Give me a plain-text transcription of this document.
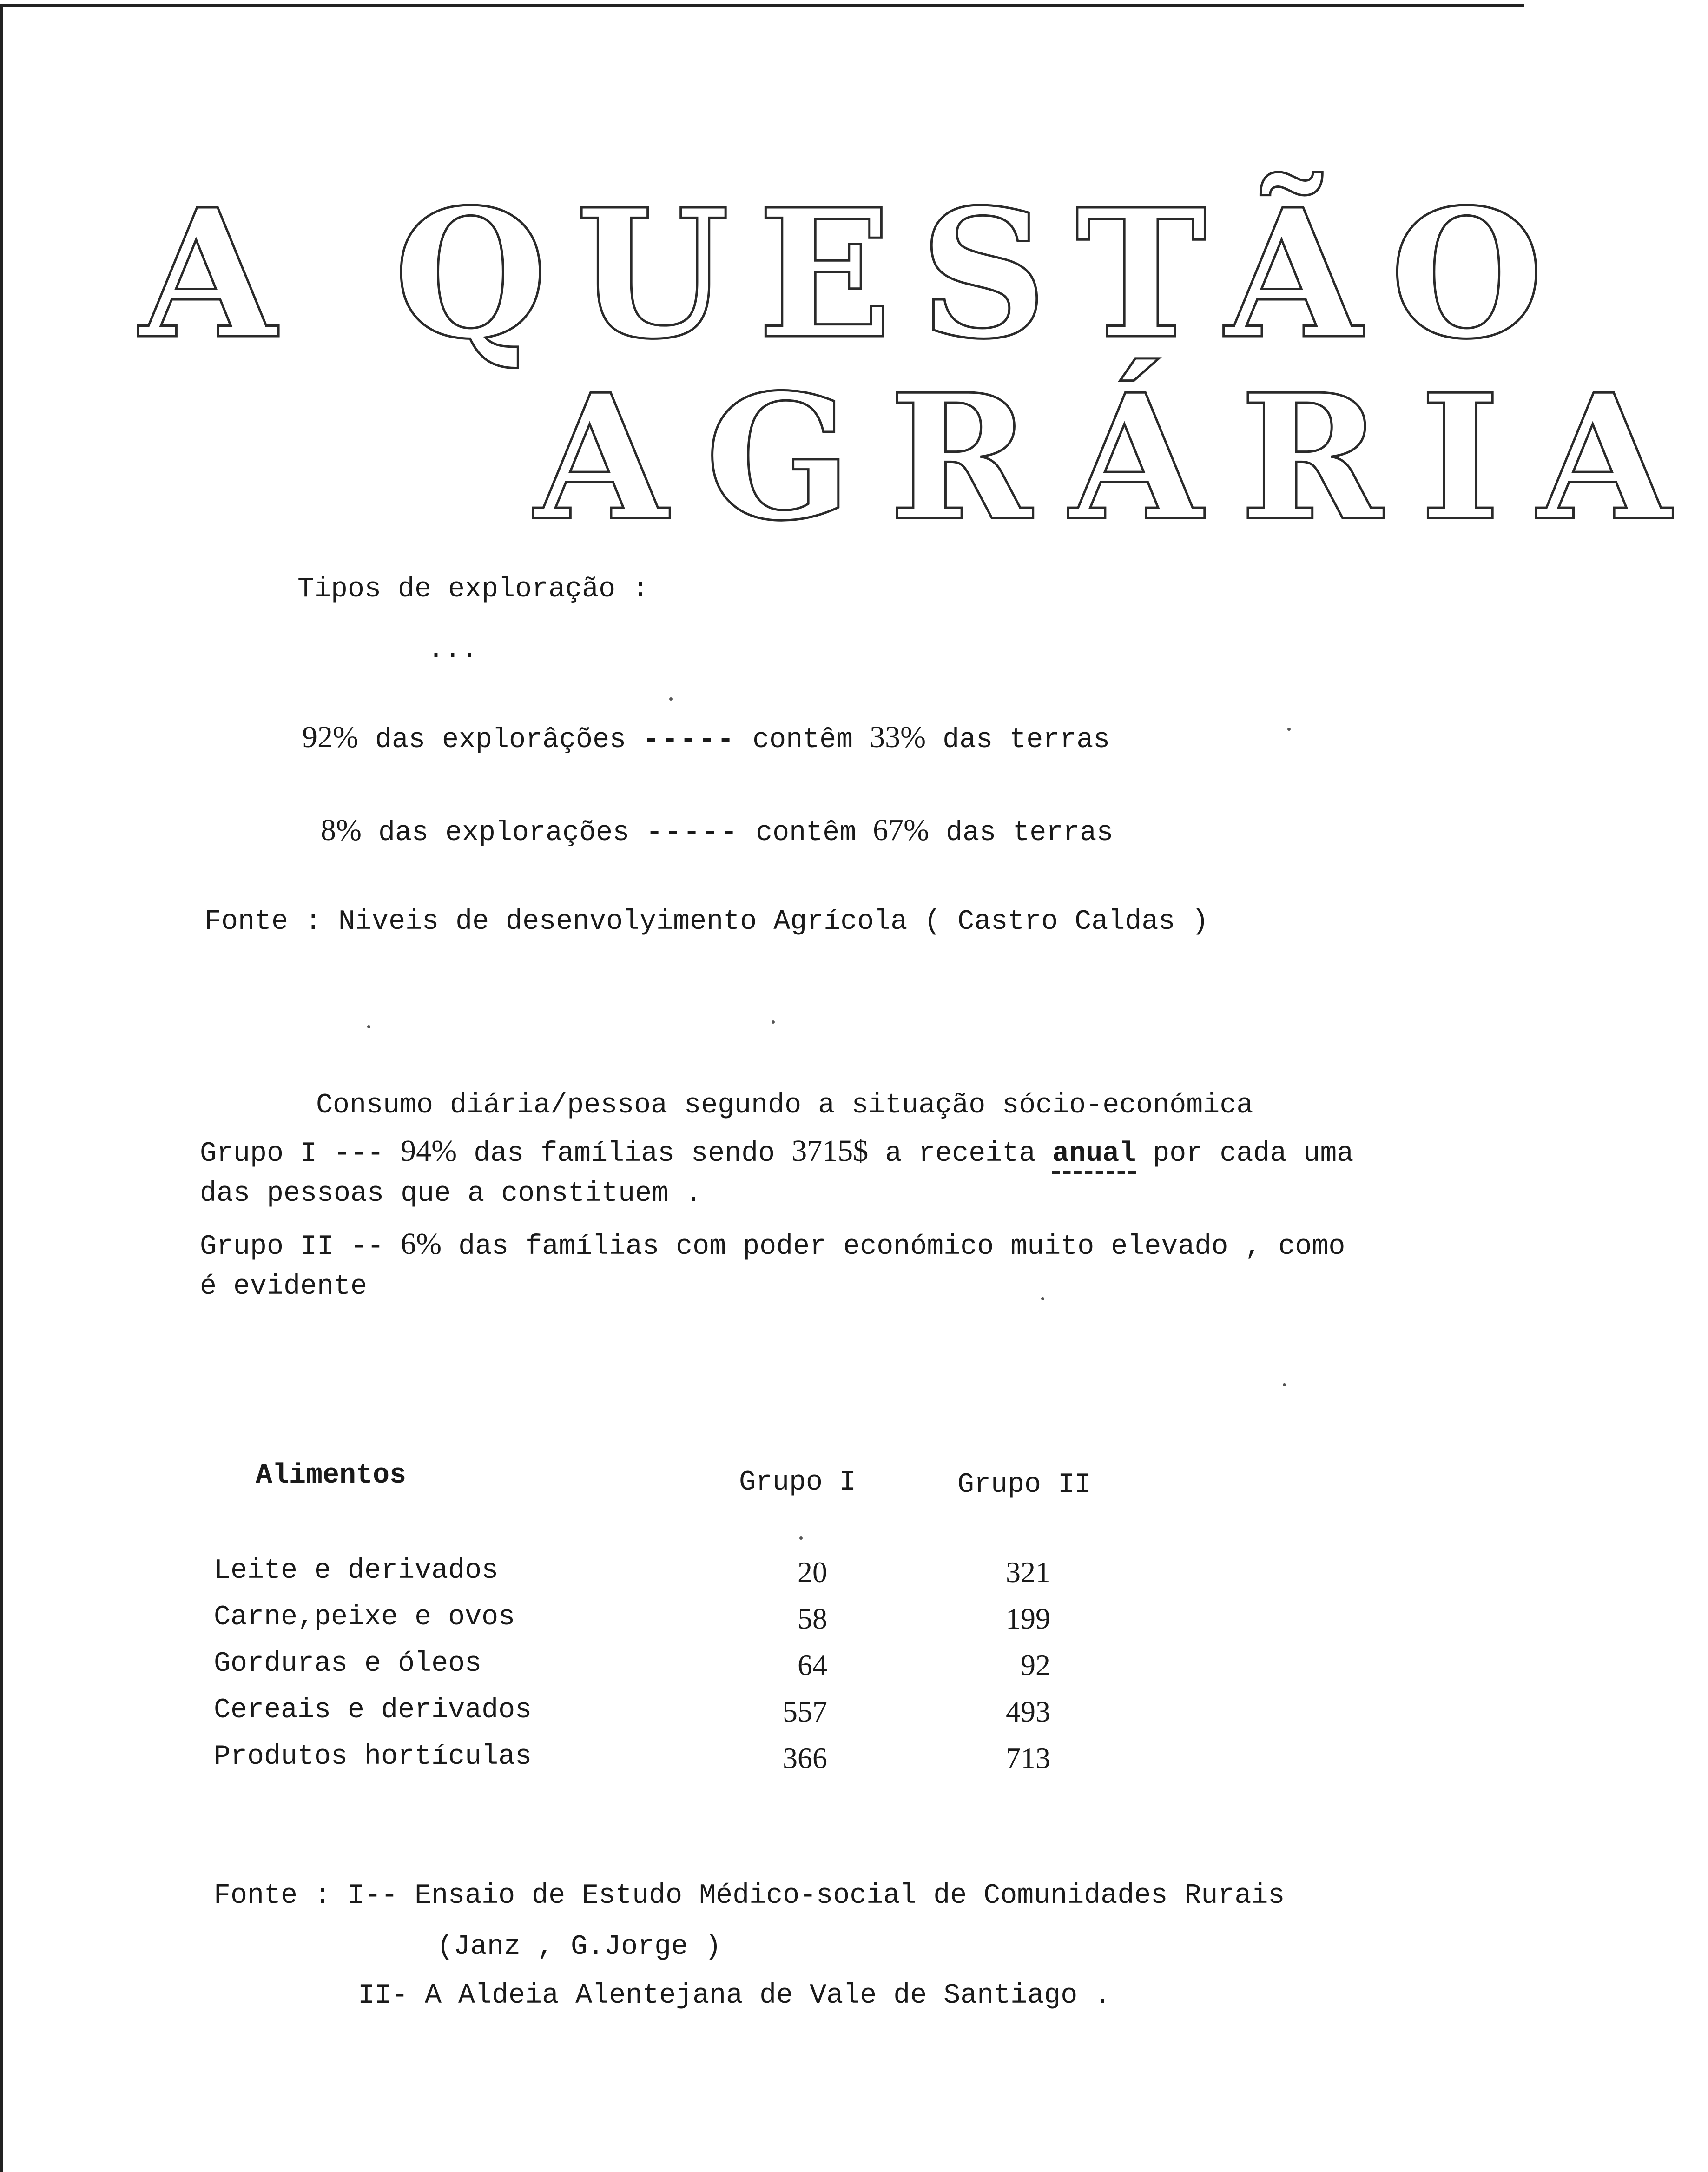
A QUESTÃO
AGRÁRIA

Tipos de exploração :

...

92% das explorâções ----- contêm 33% das terras

8% das explorações ----- contêm 67% das terras

Fonte : Niveis de desenvolyimento Agrícola ( Castro Caldas )

Consumo diária/pessoa segundo a situação sócio-económica

Grupo I --- 94% das famílias sendo 3715$ a receita anual por cada uma

das pessoas que a constituem .

Grupo II -- 6% das famílias com poder económico muito elevado , como

é evidente

Alimentos	Grupo I	Grupo II
Leite e derivados	20	321
Carne,peixe e ovos	58	199
Gorduras e óleos	64	92
Cereais e derivados	557	493
Produtos hortículas	366	713

Fonte : I-- Ensaio de Estudo Médico-social de Comunidades Rurais

(Janz , G.Jorge )

II- A Aldeia Alentejana de Vale de Santiago .
